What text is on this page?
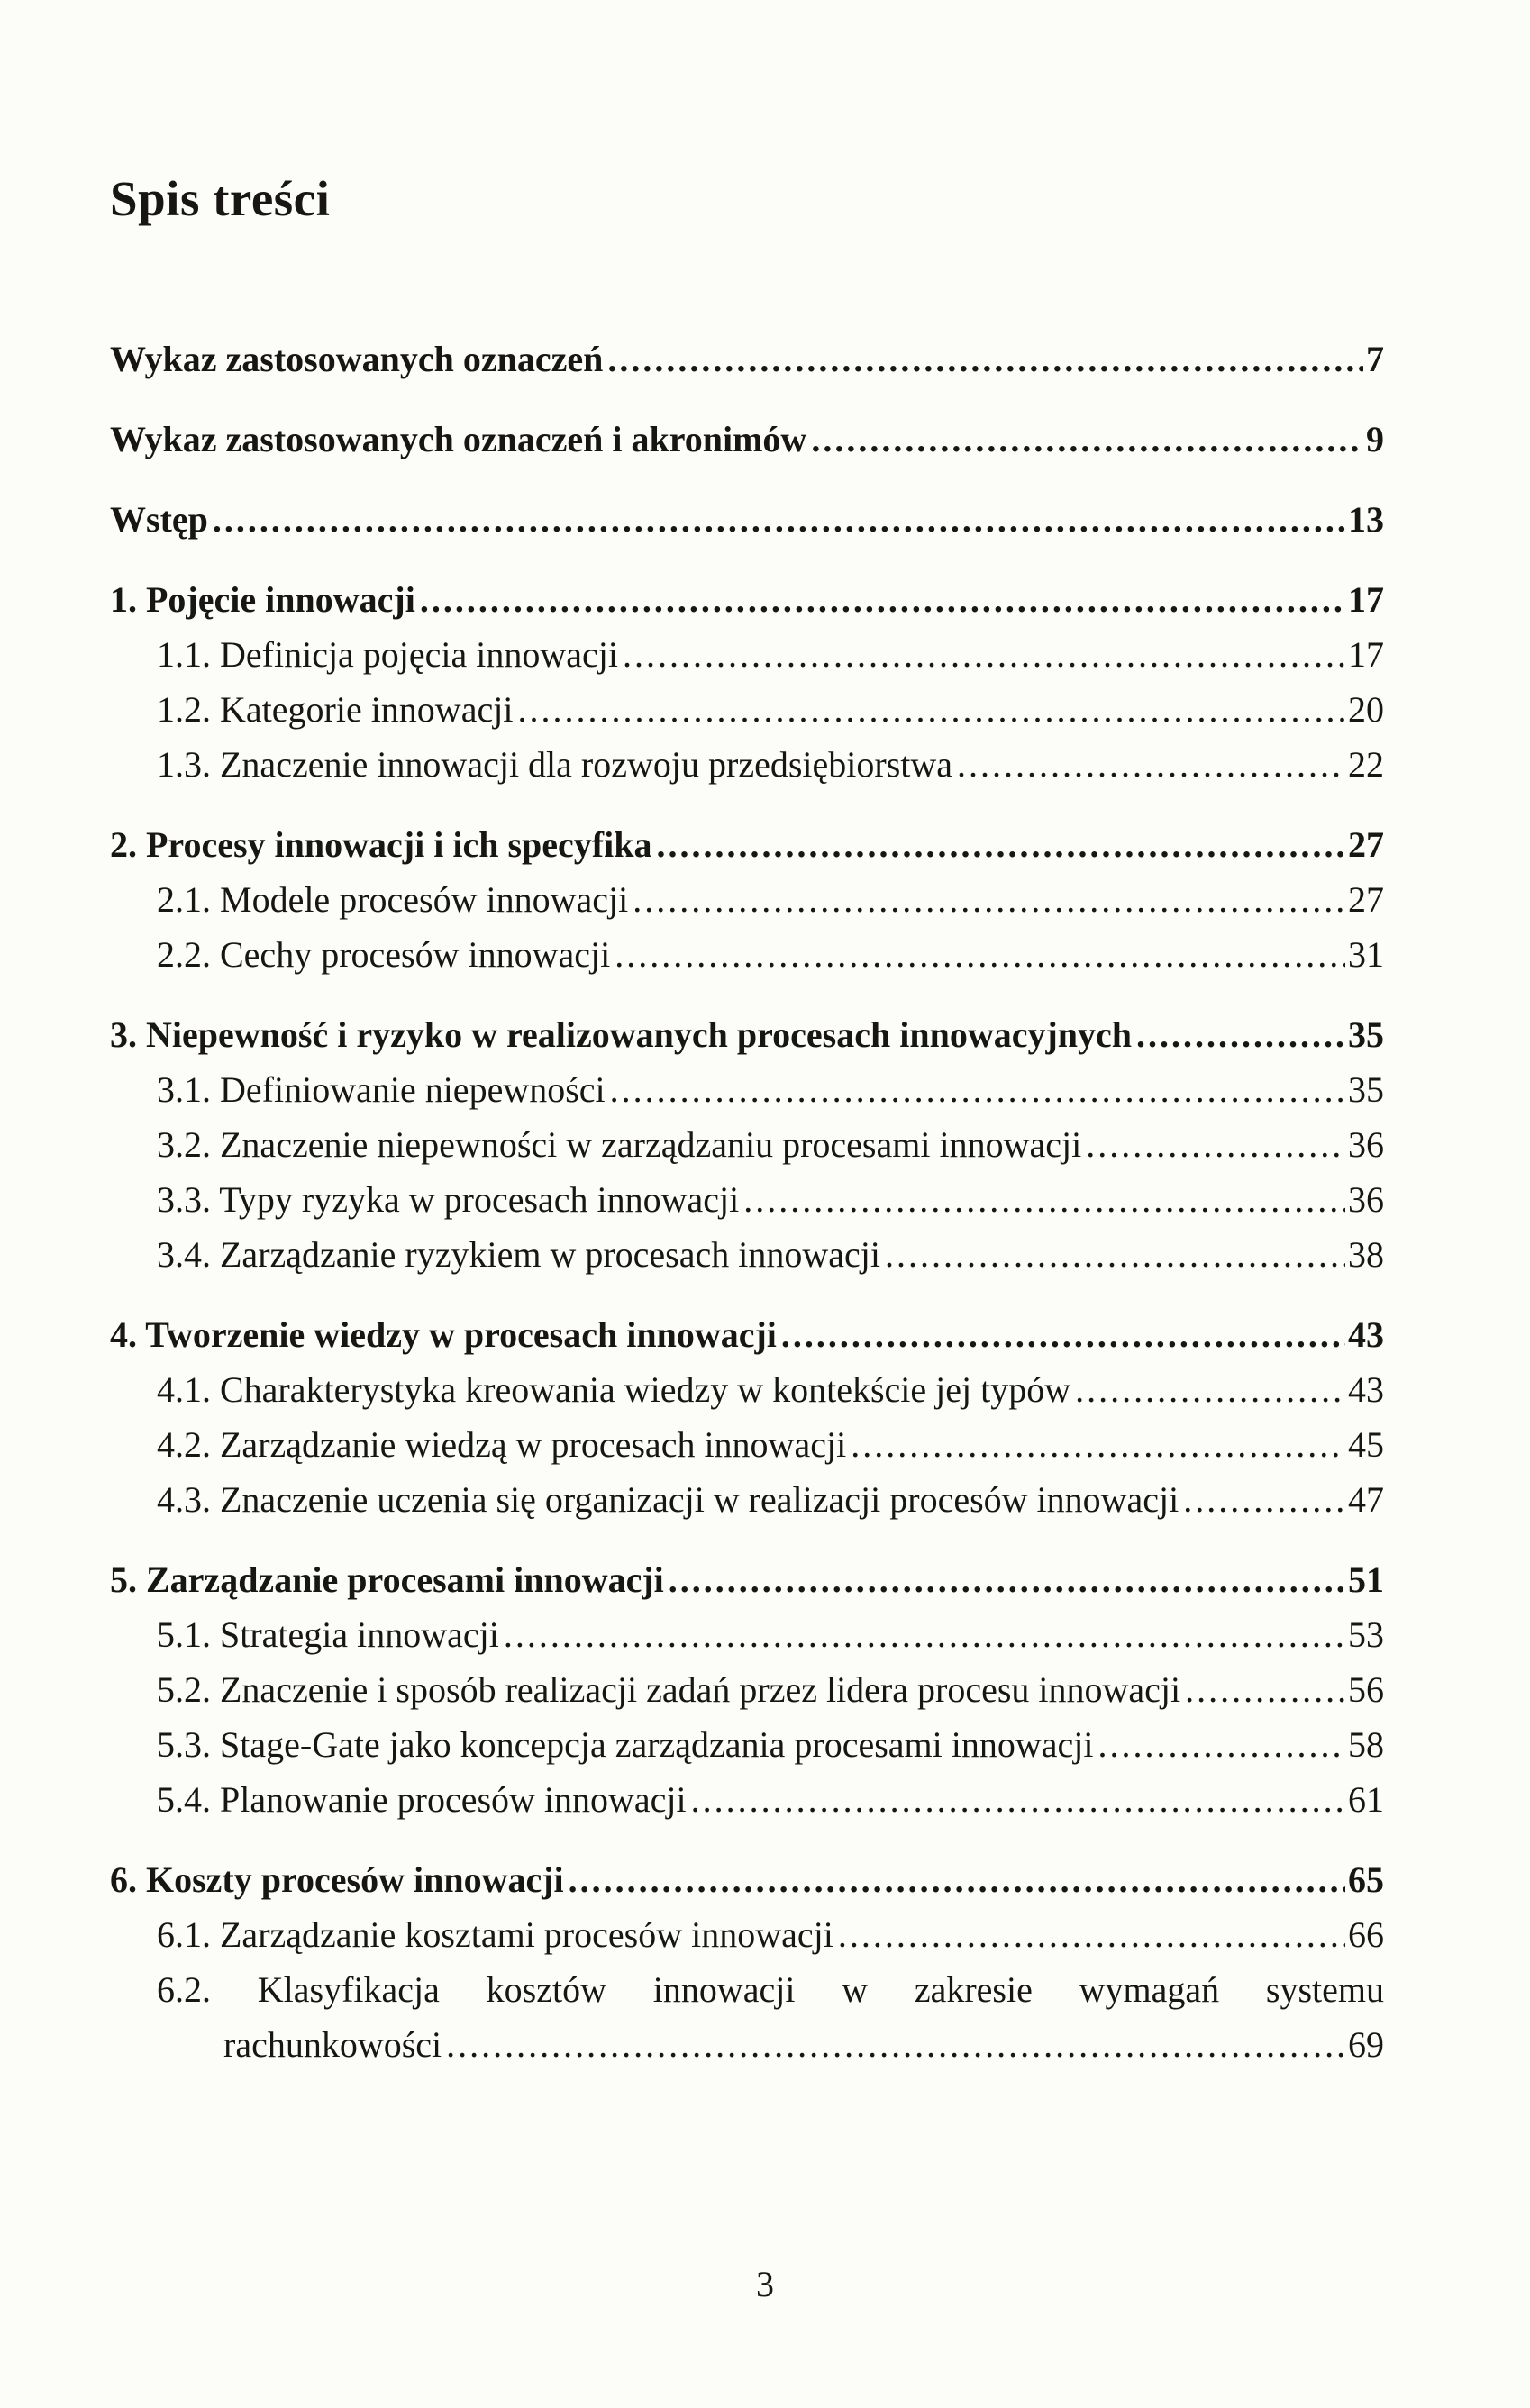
Spis treści
Wykaz zastosowanych oznaczeń .....	7
Wykaz zastosowanych oznaczeń i akronimów .....	9
Wstęp .....	13
1. Pojęcie innowacji .....	17
1.1. Definicja pojęcia innowacji .....	17
1.2. Kategorie innowacji .....	20
1.3. Znaczenie innowacji dla rozwoju przedsiębiorstwa .....	22
2. Procesy innowacji i ich specyfika .....	27
2.1. Modele procesów innowacji .....	27
2.2. Cechy procesów innowacji .....	31
3. Niepewność i ryzyko w realizowanych procesach innowacyjnych .....	35
3.1. Definiowanie niepewności .....	35
3.2. Znaczenie niepewności w zarządzaniu procesami innowacji .....	36
3.3. Typy ryzyka w procesach innowacji .....	36
3.4. Zarządzanie ryzykiem w procesach innowacji .....	38
4. Tworzenie wiedzy w procesach innowacji .....	43
4.1. Charakterystyka kreowania wiedzy w kontekście jej typów .....	43
4.2. Zarządzanie wiedzą w procesach innowacji .....	45
4.3. Znaczenie uczenia się organizacji w realizacji procesów innowacji .....	47
5. Zarządzanie procesami innowacji .....	51
5.1. Strategia innowacji .....	53
5.2. Znaczenie i sposób realizacji zadań przez lidera procesu innowacji .....	56
5.3. Stage-Gate jako koncepcja zarządzania procesami innowacji .....	58
5.4. Planowanie procesów innowacji .....	61
6. Koszty procesów innowacji .....	65
6.1. Zarządzanie kosztami procesów innowacji .....	66
6.2. Klasyfikacja kosztów innowacji w zakresie wymagań systemu
rachunkowości .....	69
3
